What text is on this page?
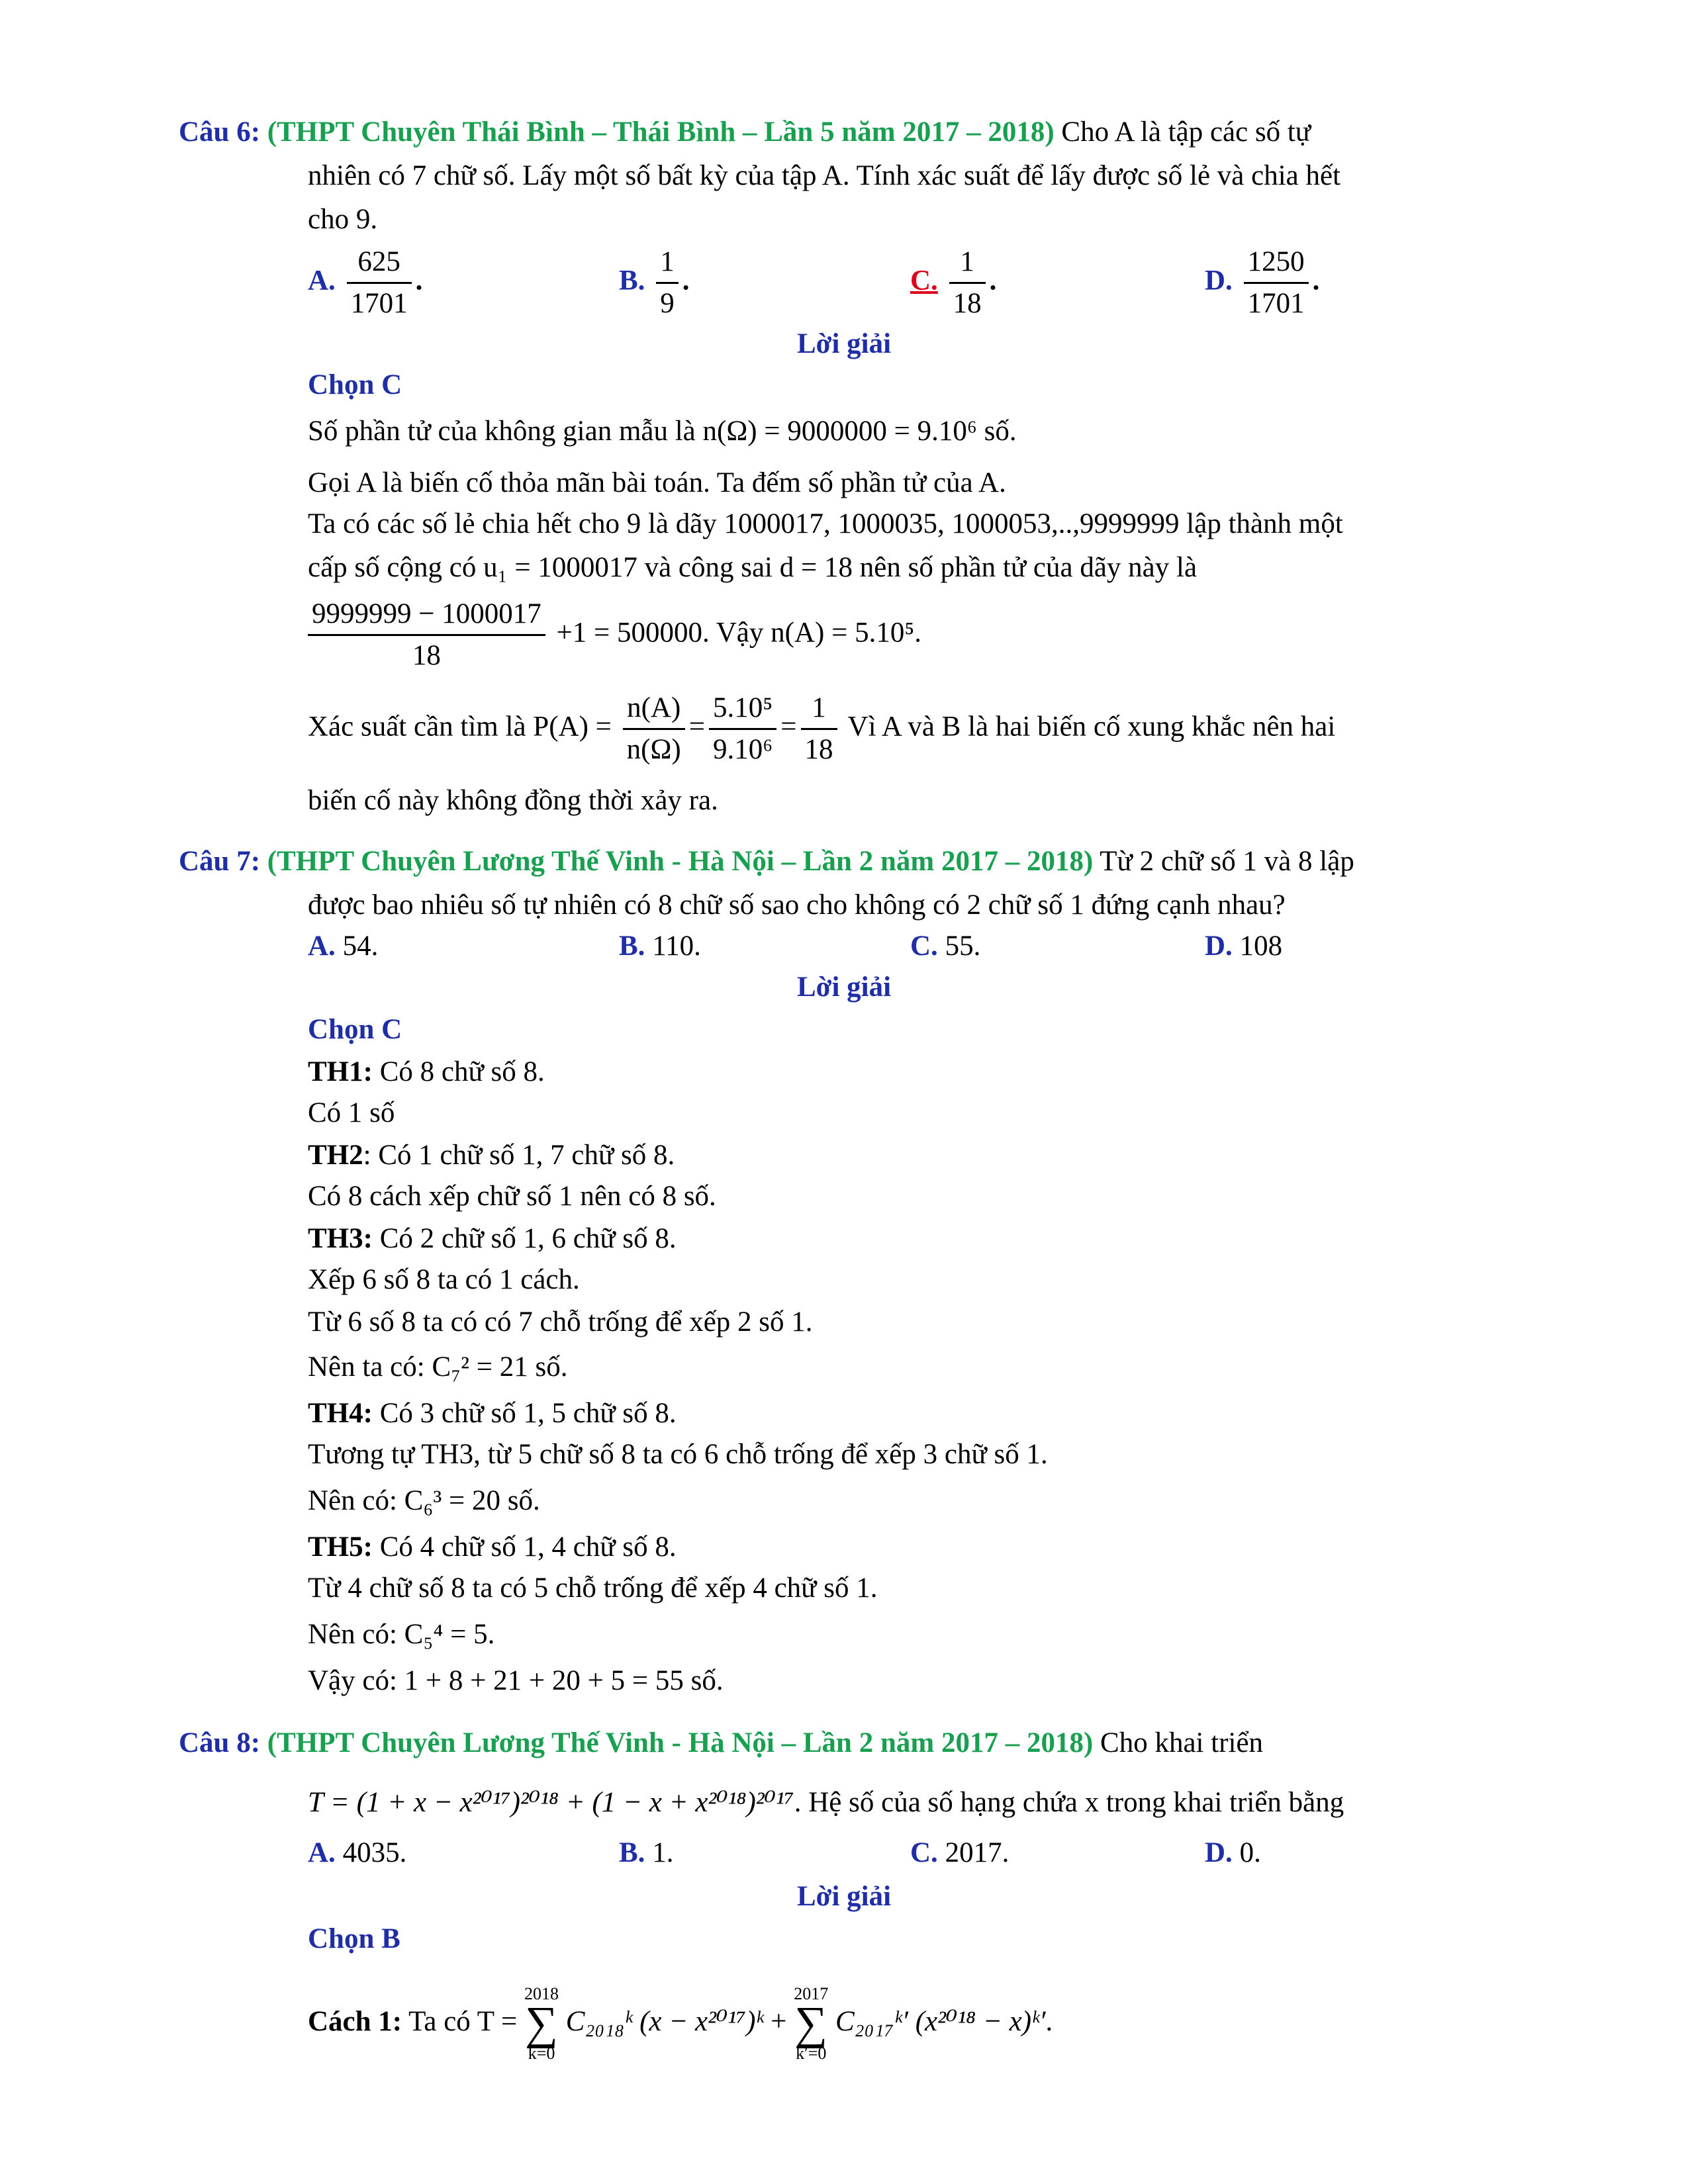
Câu 6: (THPT Chuyên Thái Bình – Thái Bình – Lần 5 năm 2017 – 2018) Cho A là tập các số tự
nhiên có 7 chữ số. Lấy một số bất kỳ của tập A. Tính xác suất để lấy được số lẻ và chia hết
cho 9.
A. $\frac{625}{1701}$ .	B. $\frac{1}{9}$ .	C. $\frac{1}{18}$ .	D. $\frac{1250}{1701}$ .
Lời giải
Chọn C
Số phần tử của không gian mẫu là n(Ω) = 9000000 = 9.10⁶ số.
Gọi A là biến cố thỏa mãn bài toán. Ta đếm số phần tử của A.
Ta có các số lẻ chia hết cho 9 là dãy 1000017, 1000035, 1000053,..,9999999 lập thành một
cấp số cộng có u₁ = 1000017 và công sai d = 18 nên số phần tử của dãy này là
$\frac{9999999 - 1000017}{18} +1 = 500000$. Vậy n(A) = 5.10⁵.
Xác suất cần tìm là $P(A) = \frac{n(A)}{n(\Omega)} = \frac{\text{5.10⁵}}{\text{9.10⁶}} = \frac{1}{18}$ Vì A và B là hai biến cố xung khắc nên hai
biến cố này không đồng thời xảy ra.
Câu 7: (THPT Chuyên Lương Thế Vinh - Hà Nội – Lần 2 năm 2017 – 2018) Từ 2 chữ số 1 và 8 lập
được bao nhiêu số tự nhiên có 8 chữ số sao cho không có 2 chữ số 1 đứng cạnh nhau?
A. 54.	B. 110.	C. 55.	D. 108
Lời giải
Chọn C
TH1: Có 8 chữ số 8.
Có 1 số
TH2: Có 1 chữ số 1, 7 chữ số 8.
Có 8 cách xếp chữ số 1 nên có 8 số.
TH3: Có 2 chữ số 1, 6 chữ số 8.
Xếp 6 số 8 ta có 1 cách.
Từ 6 số 8 ta có có 7 chỗ trống để xếp 2 số 1.
Nên ta có: C₇² = 21 số.
TH4: Có 3 chữ số 1, 5 chữ số 8.
Tương tự TH3, từ 5 chữ số 8 ta có 6 chỗ trống để xếp 3 chữ số 1.
Nên có: C₆³ = 20 số.
TH5: Có 4 chữ số 1, 4 chữ số 8.
Từ 4 chữ số 8 ta có 5 chỗ trống để xếp 4 chữ số 1.
Nên có: C₅⁴ = 5.
Vậy có: 1 + 8 + 21 + 20 + 5 = 55 số.
Câu 8: (THPT Chuyên Lương Thế Vinh - Hà Nội – Lần 2 năm 2017 – 2018) Cho khai triển
T = (1 + x − x²⁰¹⁷)²⁰¹⁸ + (1 − x + x²⁰¹⁸)²⁰¹⁷. Hệ số của số hạng chứa x trong khai triển bằng
A. 4035.	B. 1.	C. 2017.	D. 0.
Lời giải
Chọn B
Cách 1: Ta có T = 2018
∑
k=0 C₂₀₁₈ᵏ (x − x²⁰¹⁷)ᵏ + 2017
∑
k′=0 C₂₀₁₇ᵏ′ (x²⁰¹⁸ − x)ᵏ′.
